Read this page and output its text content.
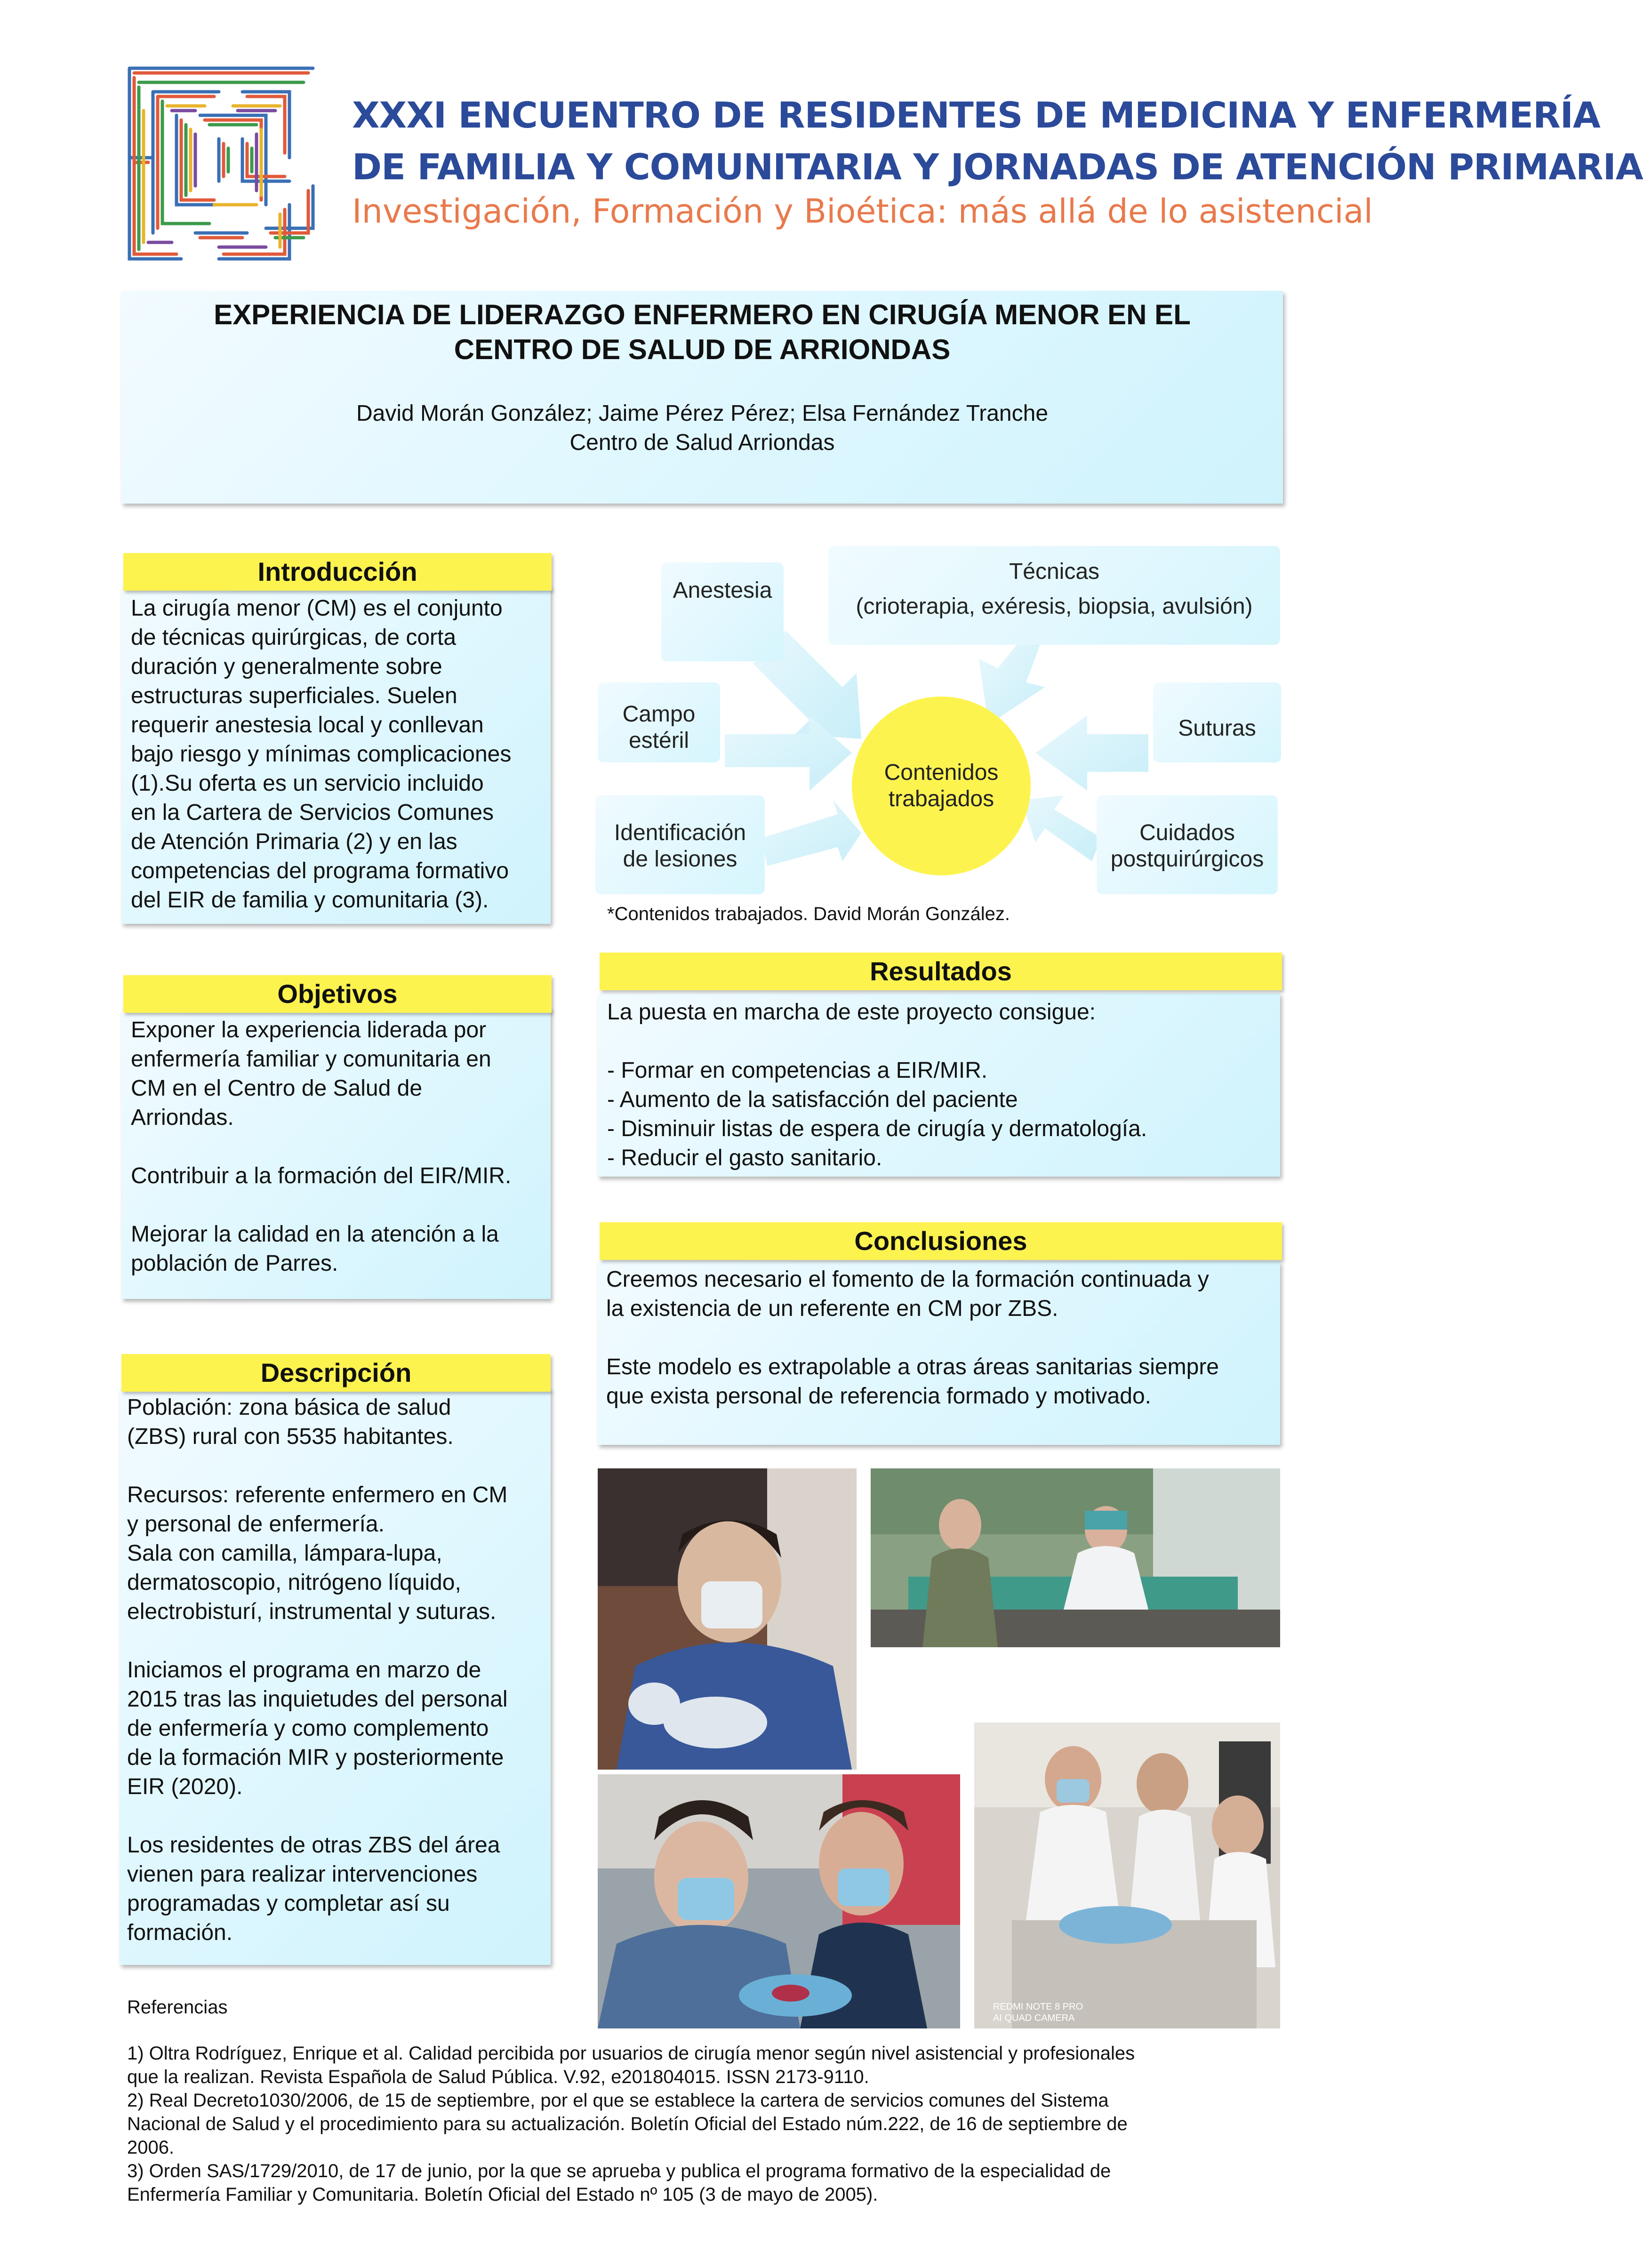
XXXI ENCUENTRO DE RESIDENTES DE MEDICINA Y ENFERMERÍA
DE FAMILIA Y COMUNITARIA Y JORNADAS DE ATENCIÓN PRIMARIA
Investigación, Formación y Bioética: más allá de lo asistencial
EXPERIENCIA DE LIDERAZGO ENFERMERO EN CIRUGÍA MENOR EN EL
CENTRO DE SALUD DE ARRIONDAS
David Morán González; Jaime Pérez Pérez; Elsa Fernández Tranche
Centro de Salud Arriondas
Introducción

La cirugía menor (CM) es el conjunto
de técnicas quirúrgicas, de corta
duración y generalmente sobre
estructuras superficiales. Suelen
requerir anestesia local y conllevan
bajo riesgo y mínimas complicaciones
(1).Su oferta es un servicio incluido
en la Cartera de Servicios Comunes
de Atención Primaria (2) y en las
competencias del programa formativo
del EIR de familia y comunitaria (3).

Objetivos

Exponer la experiencia liderada por
enfermería familiar y comunitaria en
CM en el Centro de Salud de
Arriondas.

Contribuir a la formación del EIR/MIR.

Mejorar la calidad en la atención a la
población de Parres.

Descripción

Población: zona básica de salud
(ZBS) rural con 5535 habitantes.

Recursos: referente enfermero en CM
y personal de enfermería.
Sala con camilla, lámpara-lupa,
dermatoscopio, nitrógeno líquido,
electrobisturí, instrumental y suturas.

Iniciamos el programa en marzo de
2015 tras las inquietudes del personal
de enfermería y como complemento
de la formación MIR y posteriormente
EIR (2020).

Los residentes de otras ZBS del área
vienen para realizar intervenciones
programadas y completar así su
formación.

Anestesia
Técnicas
(crioterapia, exéresis, biopsia, avulsión)
Campo
estéril	Suturas
Identificación
de lesiones
Cuidados
postquirúrgicos
Contenidos
trabajados
*Contenidos trabajados. David Morán González.
Resultados

La puesta en marcha de este proyecto consigue:

- Formar en competencias a EIR/MIR.
- Aumento de la satisfacción del paciente
- Disminuir listas de espera de cirugía y dermatología.
- Reducir el gasto sanitario.
Conclusiones

Creemos necesario el fomento de la formación continuada y
la existencia de un referente en CM por ZBS.

Este modelo es extrapolable a otras áreas sanitarias siempre
que exista personal de referencia formado y motivado.

REDMI NOTE 8 PRO
AI QUAD CAMERA
Referencias

1) Oltra Rodríguez, Enrique et al. Calidad percibida por usuarios de cirugía menor según nivel asistencial y profesionales
que la realizan. Revista Española de Salud Pública. V.92, e201804015. ISSN 2173-9110.

2) Real Decreto1030/2006, de 15 de septiembre, por el que se establece la cartera de servicios comunes del Sistema
Nacional de Salud y el procedimiento para su actualización. Boletín Oficial del Estado núm.222, de 16 de septiembre de
2006.

3) Orden SAS/1729/2010, de 17 de junio, por la que se aprueba y publica el programa formativo de la especialidad de
Enfermería Familiar y Comunitaria. Boletín Oficial del Estado nº 105 (3 de mayo de 2005).
